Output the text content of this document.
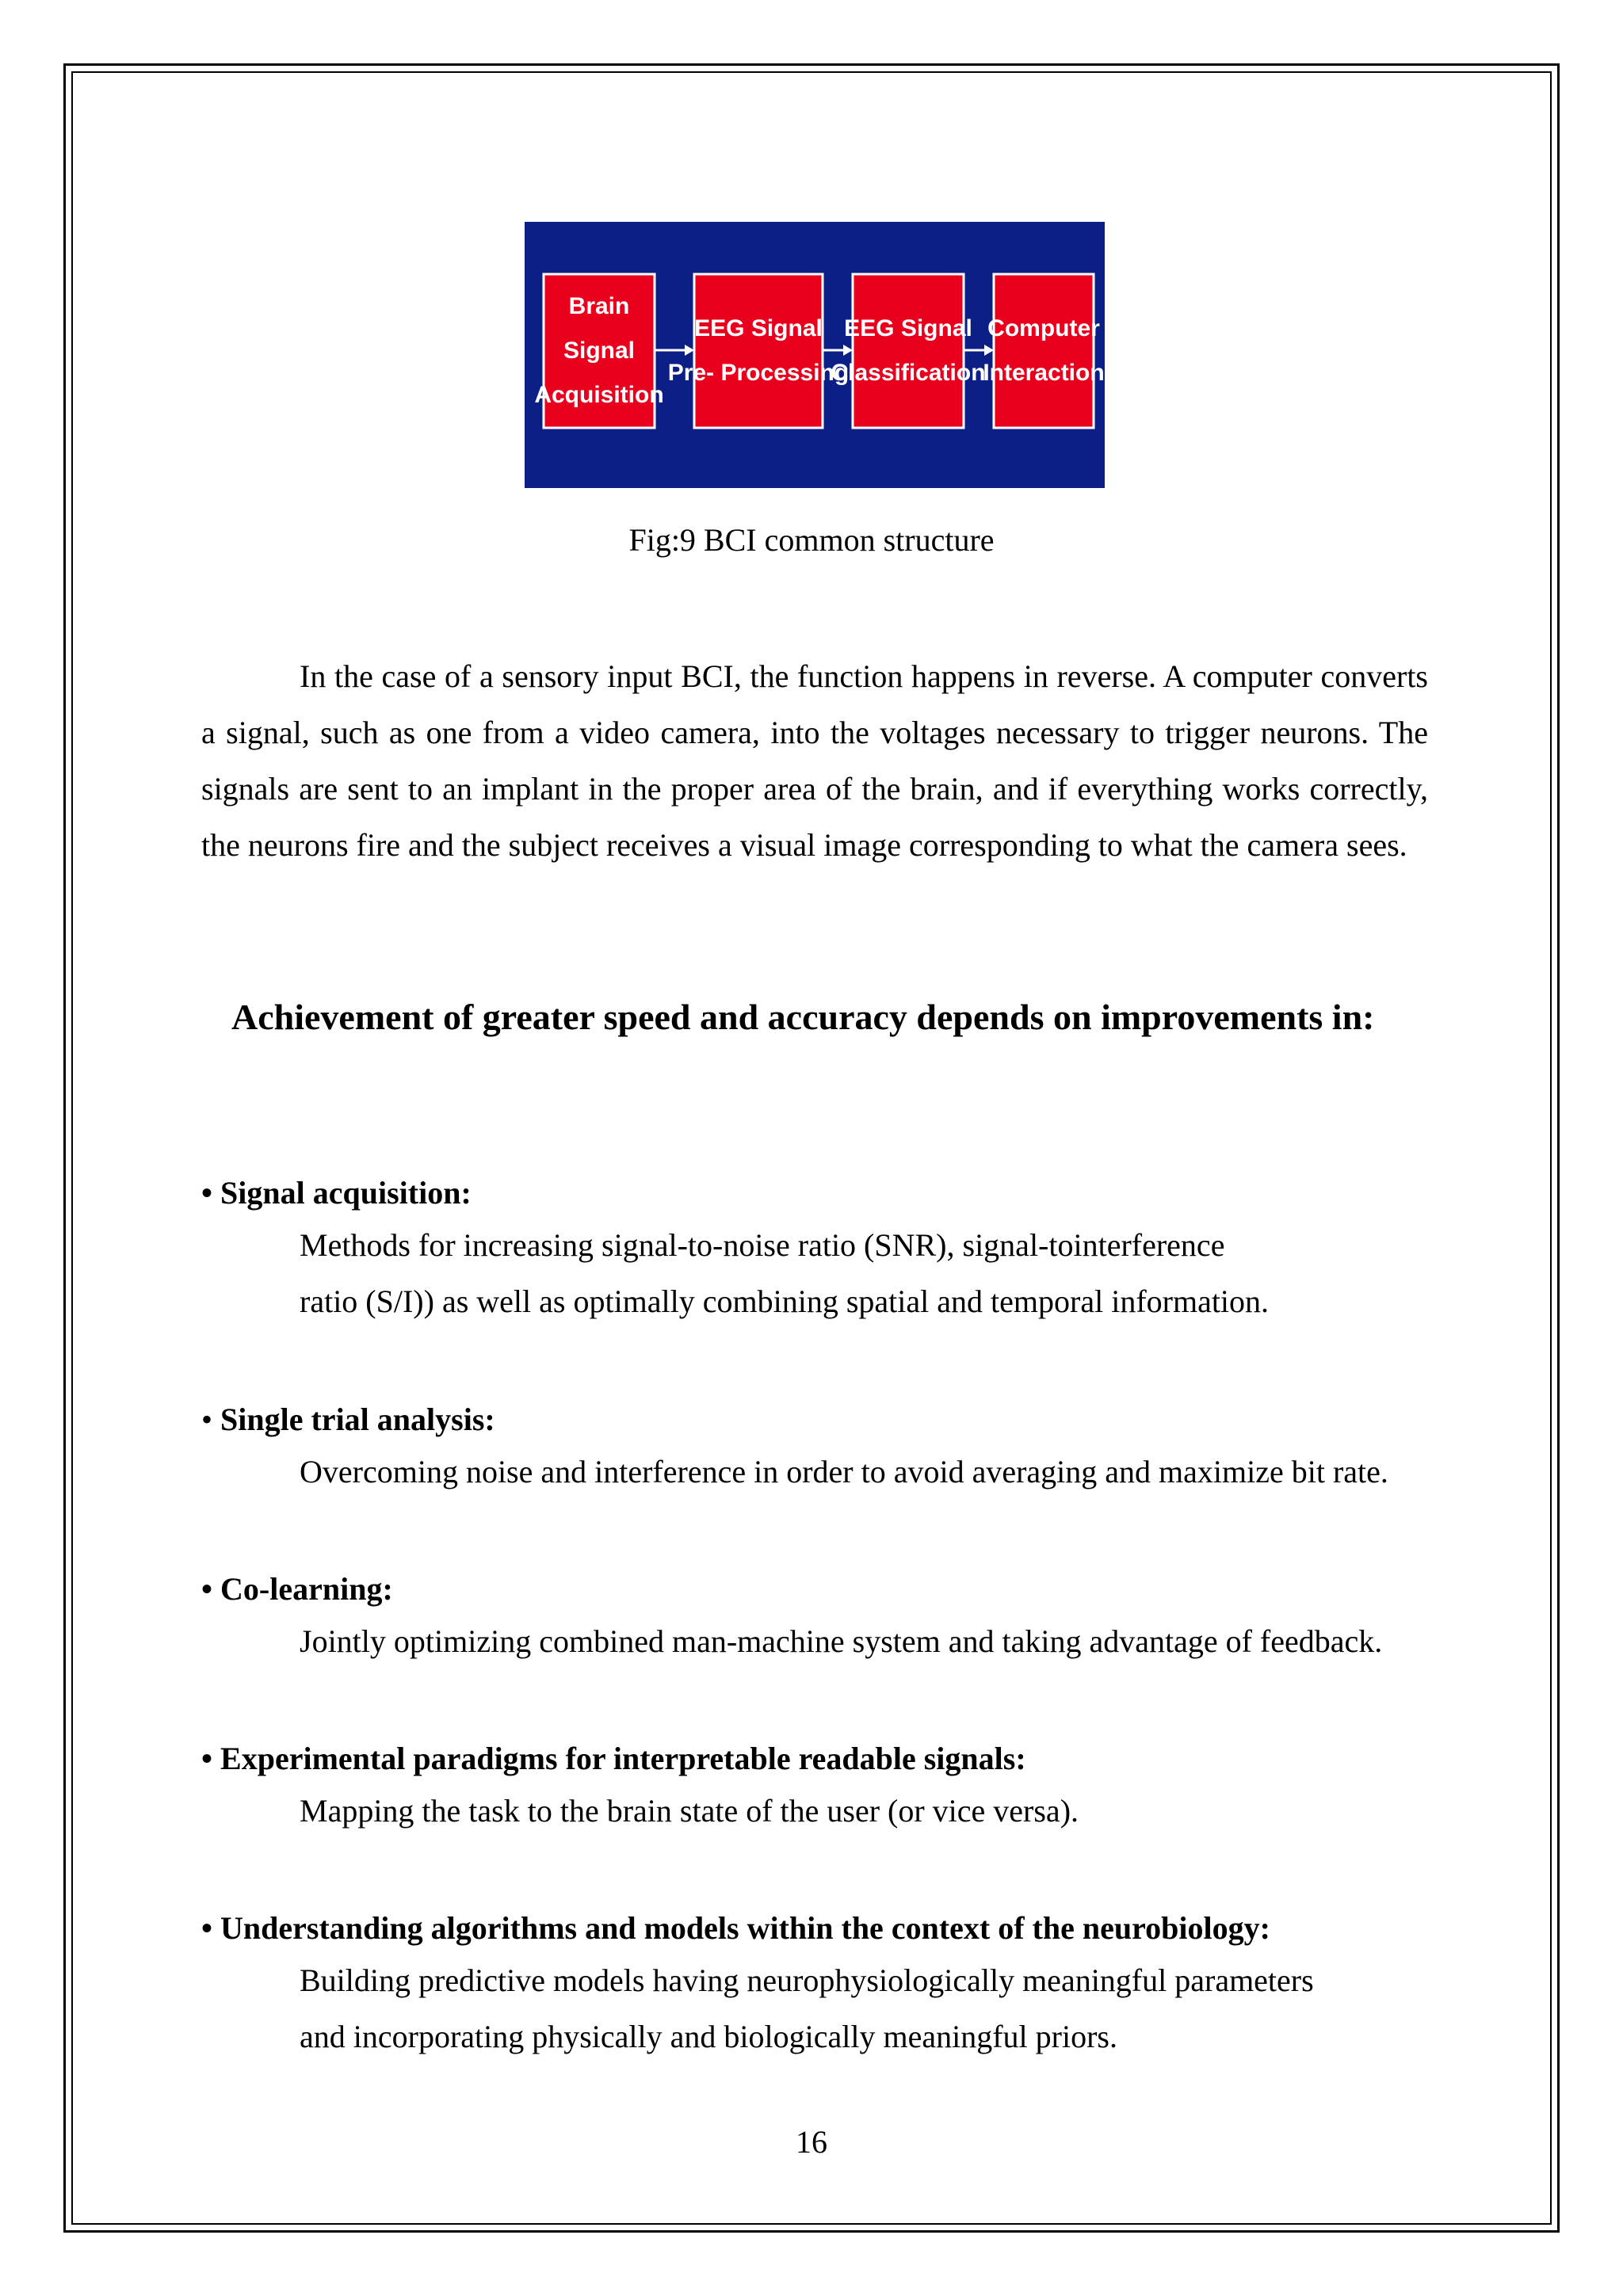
Brain
Signal
Acquisition
EEG Signal
Pre- Processing
EEG Signal
Classification
Computer
Interaction
Fig:9 BCI common structure

In the case of a sensory input BCI, the function happens in reverse. A computer converts a signal, such as one from a video camera, into the voltages necessary to trigger neurons. The signals are sent to an implant in the proper area of the brain, and if everything works correctly, the neurons fire and the subject receives a visual image corresponding to what the camera sees.

Achievement of greater speed and accuracy depends on improvements in:
• Signal acquisition:
Methods for increasing signal-to-noise ratio (SNR), signal-tointerference
ratio (S/I)) as well as optimally combining spatial and temporal information.
• Single trial analysis:
Overcoming noise and interference in order to avoid averaging and maximize bit rate.
• Co-learning:
Jointly optimizing combined man-machine system and taking advantage of feedback.
• Experimental paradigms for interpretable readable signals:
Mapping the task to the brain state of the user (or vice versa).
• Understanding algorithms and models within the context of the neurobiology:
Building predictive models having neurophysiologically meaningful parameters
and incorporating physically and biologically meaningful priors.
16
